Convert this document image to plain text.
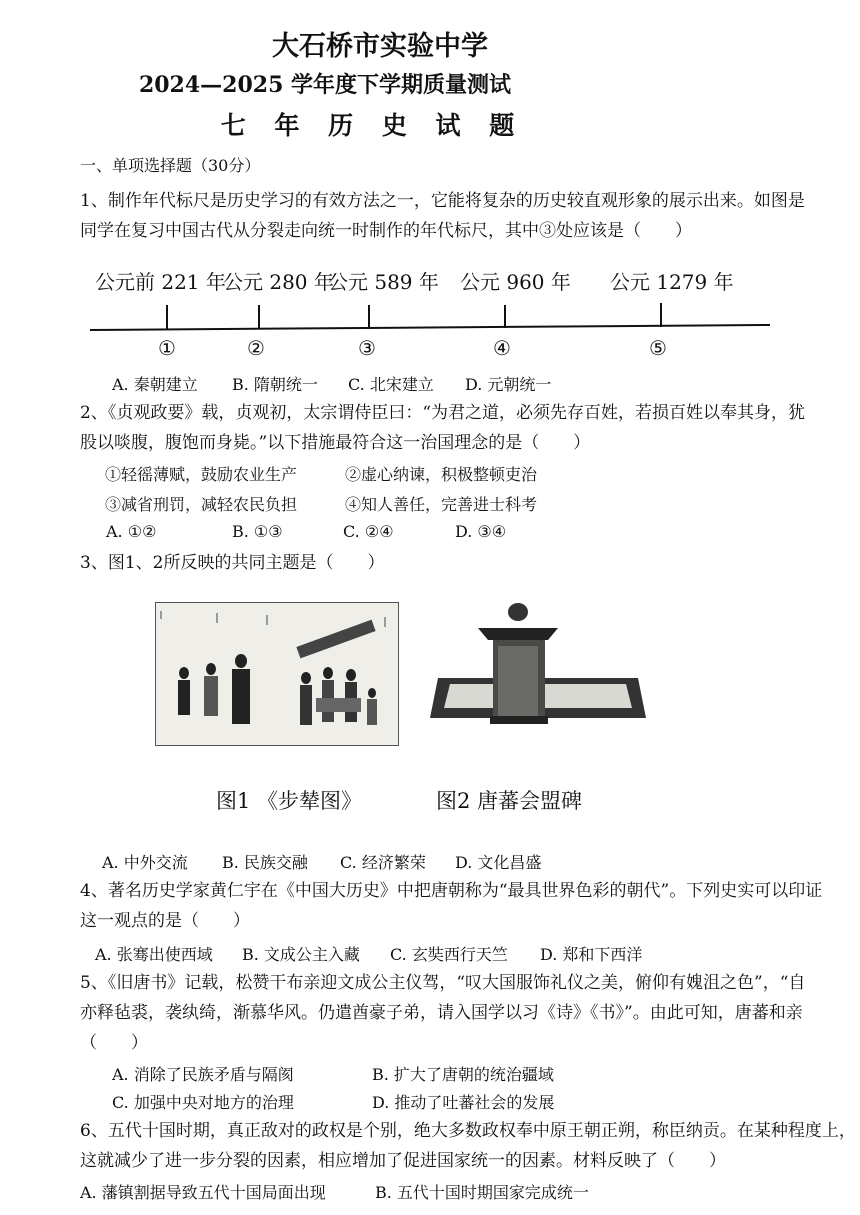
大石桥市实验中学
2024—2025 学年度下学期质量测试
七 年 历 史 试 题
一、单项选择题（30分）
1、制作年代标尺是历史学习的有效方法之一，它能将复杂的历史较直观形象的展示出来。如图是
同学在复习中国古代从分裂走向统一时制作的年代标尺，其中③处应该是（　　）
公元前 221 年
公元 280 年
公元 589 年 公元 960 年 公元 1279 年
①	②	③	④	⑤
A. 秦朝建立 B. 隋朝统一 C. 北宋建立 D. 元朝统一
2、《贞观政要》载，贞观初，太宗谓侍臣曰：“为君之道，必须先存百姓，若损百姓以奉其身，犹
股以啖腹，腹饱而身毙。”以下措施最符合这一治国理念的是（　　）
①轻徭薄赋，鼓励农业生产	②虚心纳谏，积极整顿吏治
③减省刑罚，减轻农民负担	④知人善任，完善进士科考
A. ①②	B. ①③	C. ②④	D. ③④
3、图1、2所反映的共同主题是（　　）
图1 《步辇图》	图2 唐蕃会盟碑
A. 中外交流 B. 民族交融 C. 经济繁荣 D. 文化昌盛
4、著名历史学家黄仁宇在《中国大历史》中把唐朝称为“最具世界色彩的朝代”。下列史实可以印证
这一观点的是（　　）
A. 张骞出使西域 B. 文成公主入藏 C. 玄奘西行天竺 D. 郑和下西洋
5、《旧唐书》记载，松赞干布亲迎文成公主仪驾，“叹大国服饰礼仪之美，俯仰有媿沮之色”，“自
亦释毡裘，袭纨绮，渐慕华风。仍遣酋豪子弟，请入国学以习《诗》《书》”。由此可知，唐蕃和亲
（　　）
A. 消除了民族矛盾与隔阂	B. 扩大了唐朝的统治疆域
C. 加强中央对地方的治理	D. 推动了吐蕃社会的发展
6、五代十国时期，真正敌对的政权是个别，绝大多数政权奉中原王朝正朔，称臣纳贡。在某种程度上，
这就减少了进一步分裂的因素，相应增加了促进国家统一的因素。材料反映了（　　）
A. 藩镇割据导致五代十国局面出现	B. 五代十国时期国家完成统一
